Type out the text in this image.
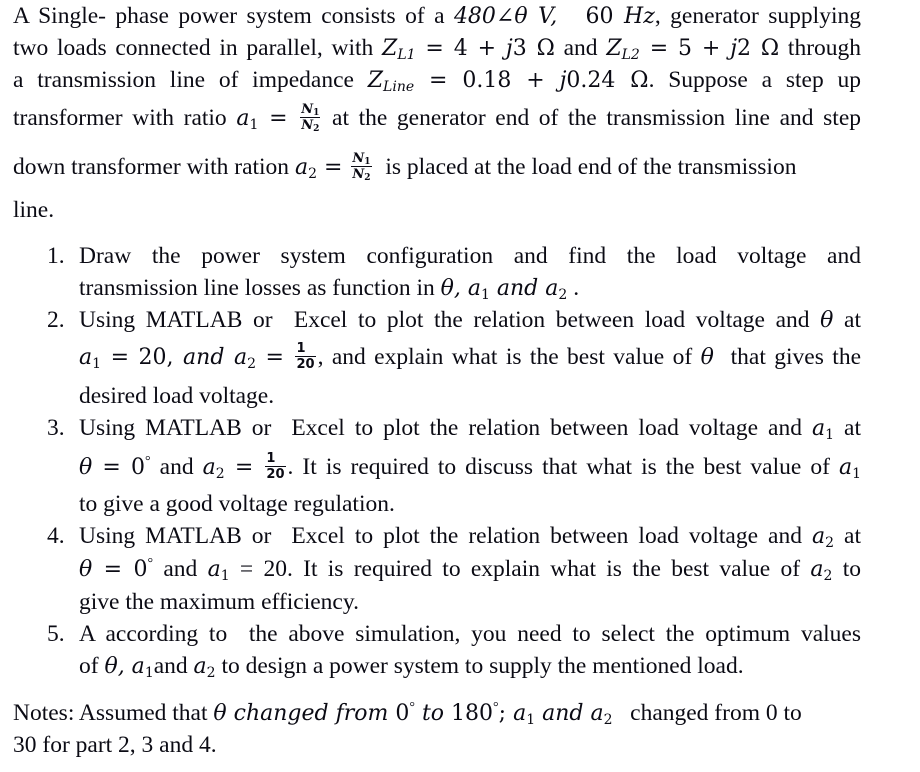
A Single- phase power system consists of a 480∠θ V, 60 Hz, generator supplying
two loads connected in parallel, with $Z_{L1} = 4 + j3$ Ω and $Z_{L2} = 5 + j2$ Ω through
a transmission line of impedance $Z_{Line} = 0.18 + j0.24$ Ω. Suppose a step up
transformer with ratio $a_1 = \frac{N_1}{N_2}$ at the generator end of the transmission line and step
down transformer with ration $a_2 = \frac{N_1}{N_2}$ is placed at the load end of the transmission
line.
1. Draw  the  power  system  configuration  and  find  the  load  voltage  and
transmission line losses as function in θ, $a_1$ and $a_2$ .
2. Using MATLAB or  Excel to plot the relation between load voltage and θ at
$a_1 = 20$, and $a_2 = \frac{1}{20}$ , and explain what is the best value of θ  that gives the
desired load voltage.
3. Using MATLAB or  Excel to plot the relation between load voltage and $a_1$ at
θ = 0° and $a_2 = \frac{1}{20}$ . It is required to discuss that what is the best value of $a_1$
to give a good voltage regulation.
4. Using MATLAB or  Excel to plot the relation between load voltage and $a_2$ at
θ = 0° and $a_1 = 20$. It is required to explain what is the best value of $a_2$ to
give the maximum efficiency.
5. A according to  the above simulation, you need to select the optimum values
of θ, $a_1and$ $a_2$ to design a power system to supply the mentioned load.
Notes: Assumed that θ changed from 0° to 180°; $a_1$ and $a_2$   changed from 0 to
30 for part 2, 3 and 4.
